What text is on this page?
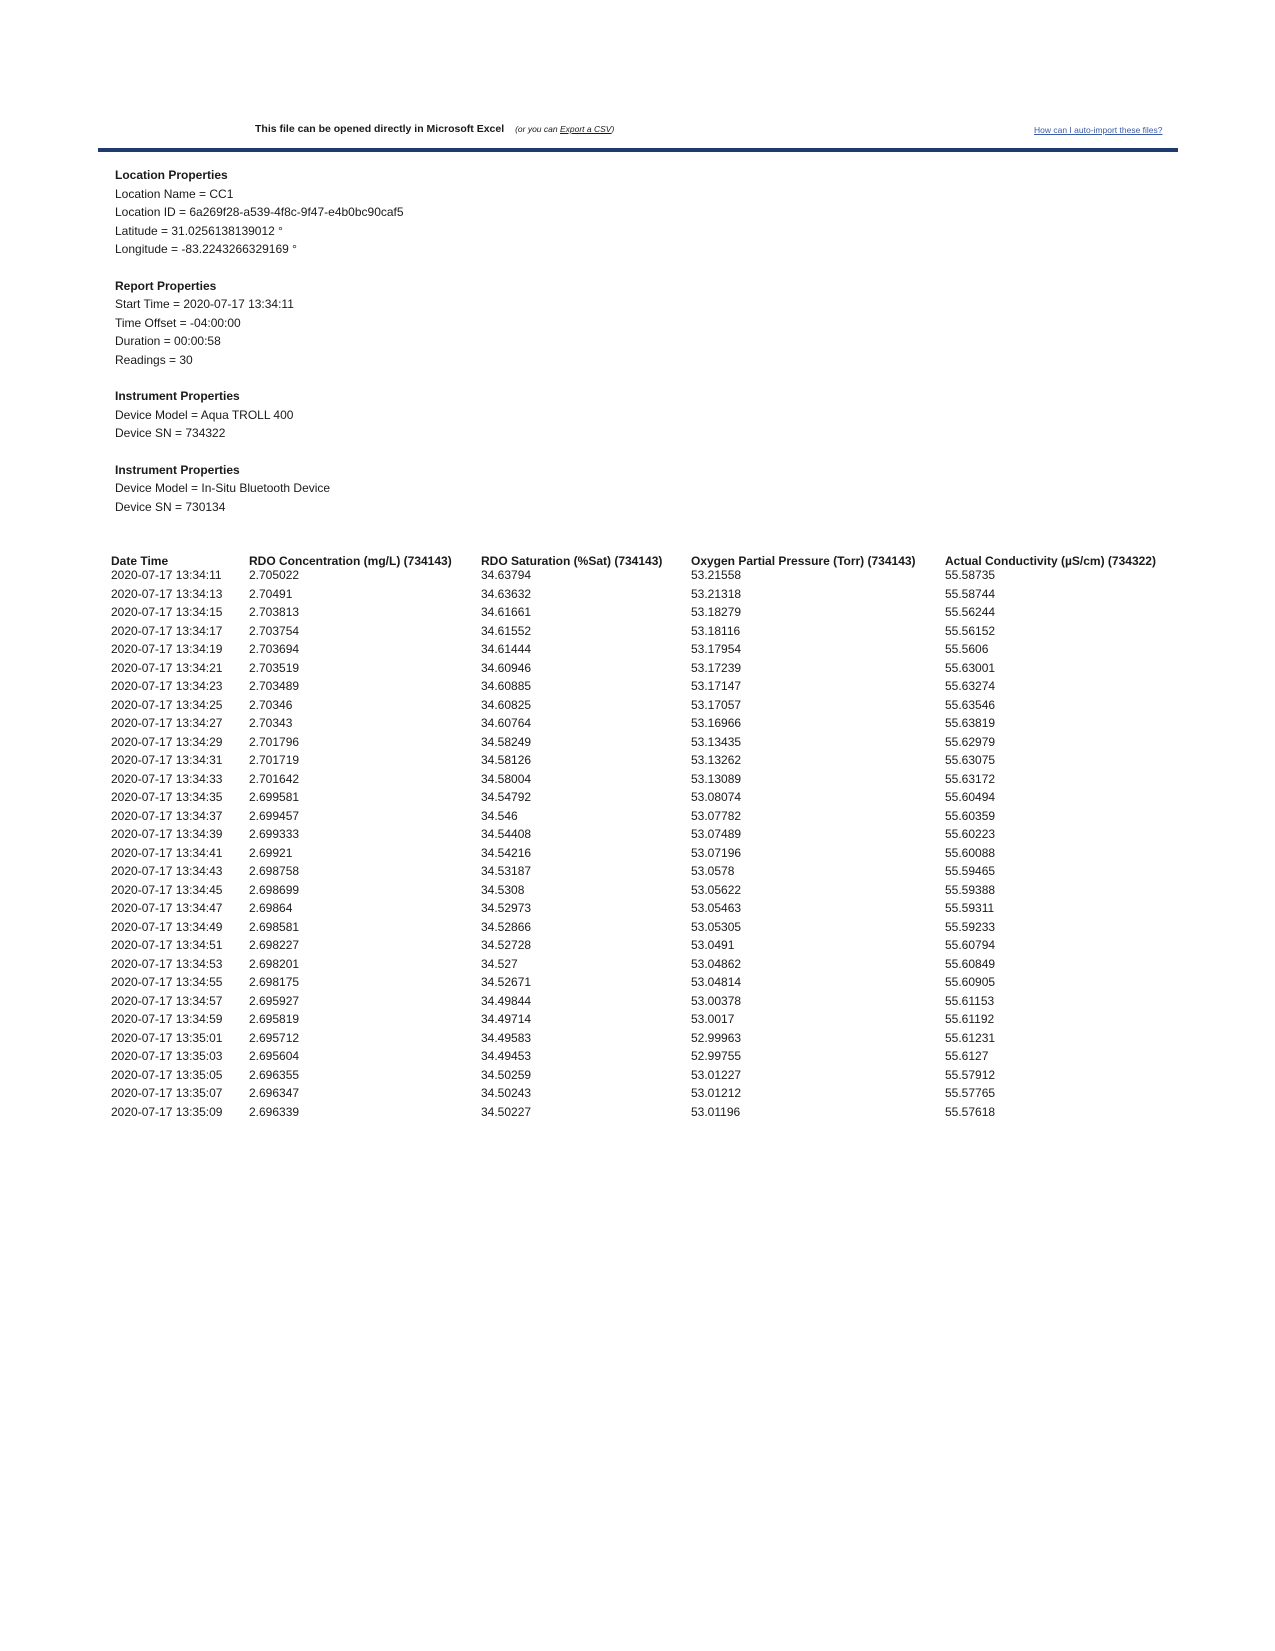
This file can be opened directly in Microsoft Excel (or you can Export a CSV)	How can I auto-import these files?
Location Properties
Location Name = CC1
Location ID = 6a269f28-a539-4f8c-9f47-e4b0bc90caf5
Latitude = 31.0256138139012 °
Longitude = -83.2243266329169 °
Report Properties
Start Time = 2020-07-17 13:34:11
Time Offset = -04:00:00
Duration = 00:00:58
Readings = 30
Instrument Properties
Device Model = Aqua TROLL 400
Device SN = 734322
Instrument Properties
Device Model = In-Situ Bluetooth Device
Device SN = 730134
Date Time	RDO Concentration (mg/L) (734143)	RDO Saturation (%Sat) (734143)	Oxygen Partial Pressure (Torr) (734143)	Actual Conductivity (µS/cm) (734322)
2020-07-17 13:34:11	2.705022	34.63794	53.21558	55.58735
2020-07-17 13:34:13	2.70491	34.63632	53.21318	55.58744
2020-07-17 13:34:15	2.703813	34.61661	53.18279	55.56244
2020-07-17 13:34:17	2.703754	34.61552	53.18116	55.56152
2020-07-17 13:34:19	2.703694	34.61444	53.17954	55.5606
2020-07-17 13:34:21	2.703519	34.60946	53.17239	55.63001
2020-07-17 13:34:23	2.703489	34.60885	53.17147	55.63274
2020-07-17 13:34:25	2.70346	34.60825	53.17057	55.63546
2020-07-17 13:34:27	2.70343	34.60764	53.16966	55.63819
2020-07-17 13:34:29	2.701796	34.58249	53.13435	55.62979
2020-07-17 13:34:31	2.701719	34.58126	53.13262	55.63075
2020-07-17 13:34:33	2.701642	34.58004	53.13089	55.63172
2020-07-17 13:34:35	2.699581	34.54792	53.08074	55.60494
2020-07-17 13:34:37	2.699457	34.546	53.07782	55.60359
2020-07-17 13:34:39	2.699333	34.54408	53.07489	55.60223
2020-07-17 13:34:41	2.69921	34.54216	53.07196	55.60088
2020-07-17 13:34:43	2.698758	34.53187	53.0578	55.59465
2020-07-17 13:34:45	2.698699	34.5308	53.05622	55.59388
2020-07-17 13:34:47	2.69864	34.52973	53.05463	55.59311
2020-07-17 13:34:49	2.698581	34.52866	53.05305	55.59233
2020-07-17 13:34:51	2.698227	34.52728	53.0491	55.60794
2020-07-17 13:34:53	2.698201	34.527	53.04862	55.60849
2020-07-17 13:34:55	2.698175	34.52671	53.04814	55.60905
2020-07-17 13:34:57	2.695927	34.49844	53.00378	55.61153
2020-07-17 13:34:59	2.695819	34.49714	53.0017	55.61192
2020-07-17 13:35:01	2.695712	34.49583	52.99963	55.61231
2020-07-17 13:35:03	2.695604	34.49453	52.99755	55.6127
2020-07-17 13:35:05	2.696355	34.50259	53.01227	55.57912
2020-07-17 13:35:07	2.696347	34.50243	53.01212	55.57765
2020-07-17 13:35:09	2.696339	34.50227	53.01196	55.57618
